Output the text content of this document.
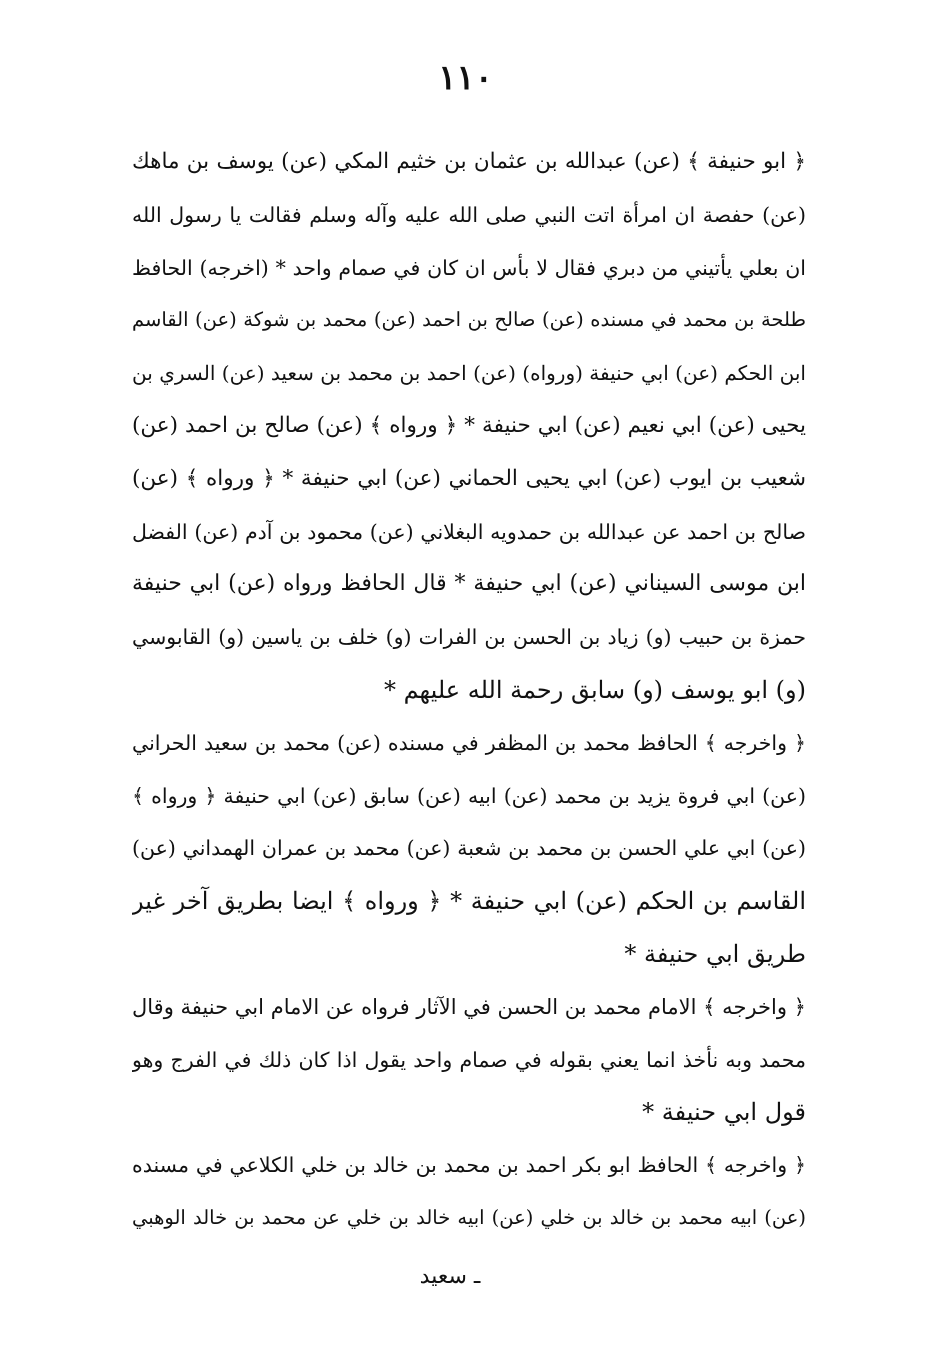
١١٠
﴿ ابو حنيفة ﴾ (عن) عبدالله بن عثمان بن خثيم المكي (عن) يوسف بن ماهك
(عن) حفصة ان امرأة اتت النبي صلى الله عليه وآله وسلم فقالت يا رسول الله
ان بعلي يأتيني من دبري فقال لا بأس ان كان في صمام واحد * (اخرجه) الحافظ
طلحة بن محمد في مسنده (عن) صالح بن احمد (عن) محمد بن شوكة (عن) القاسم
ابن الحكم (عن) ابي حنيفة (ورواه) (عن) احمد بن محمد بن سعيد (عن) السري بن
يحيى (عن) ابي نعيم (عن) ابي حنيفة * ﴿ ورواه ﴾ (عن) صالح بن احمد (عن)
شعيب بن ايوب (عن) ابي يحيى الحماني (عن) ابي حنيفة * ﴿ ورواه ﴾ (عن)
صالح بن احمد عن عبدالله بن حمدويه البغلاني (عن) محمود بن آدم (عن) الفضل
ابن موسى السيناني (عن) ابي حنيفة * قال الحافظ ورواه (عن) ابي حنيفة
حمزة بن حبيب (و) زياد بن الحسن بن الفرات (و) خلف بن ياسين (و) القابوسي
(و) ابو يوسف (و) سابق رحمة الله عليهم *
﴿ واخرجه ﴾ الحافظ محمد بن المظفر في مسنده (عن) محمد بن سعيد الحراني
(عن) ابي فروة يزيد بن محمد (عن) ابيه (عن) سابق (عن) ابي حنيفة ﴿ ورواه ﴾
(عن) ابي علي الحسن بن محمد بن شعبة (عن) محمد بن عمران الهمداني (عن)
القاسم بن الحكم (عن) ابي حنيفة * ﴿ ورواه ﴾ ايضا بطريق آخر غير
طريق ابي حنيفة *
﴿ واخرجه ﴾ الامام محمد بن الحسن في الآثار فرواه عن الامام ابي حنيفة وقال
محمد وبه نأخذ انما يعني بقوله في صمام واحد يقول اذا كان ذلك في الفرج وهو
قول ابي حنيفة *
﴿ واخرجه ﴾ الحافظ ابو بكر احمد بن محمد بن خالد بن خلي الكلاعي في مسنده
(عن) ابيه محمد بن خالد بن خلي (عن) ابيه خالد بن خلي عن محمد بن خالد الوهبي
ـ سعيد
